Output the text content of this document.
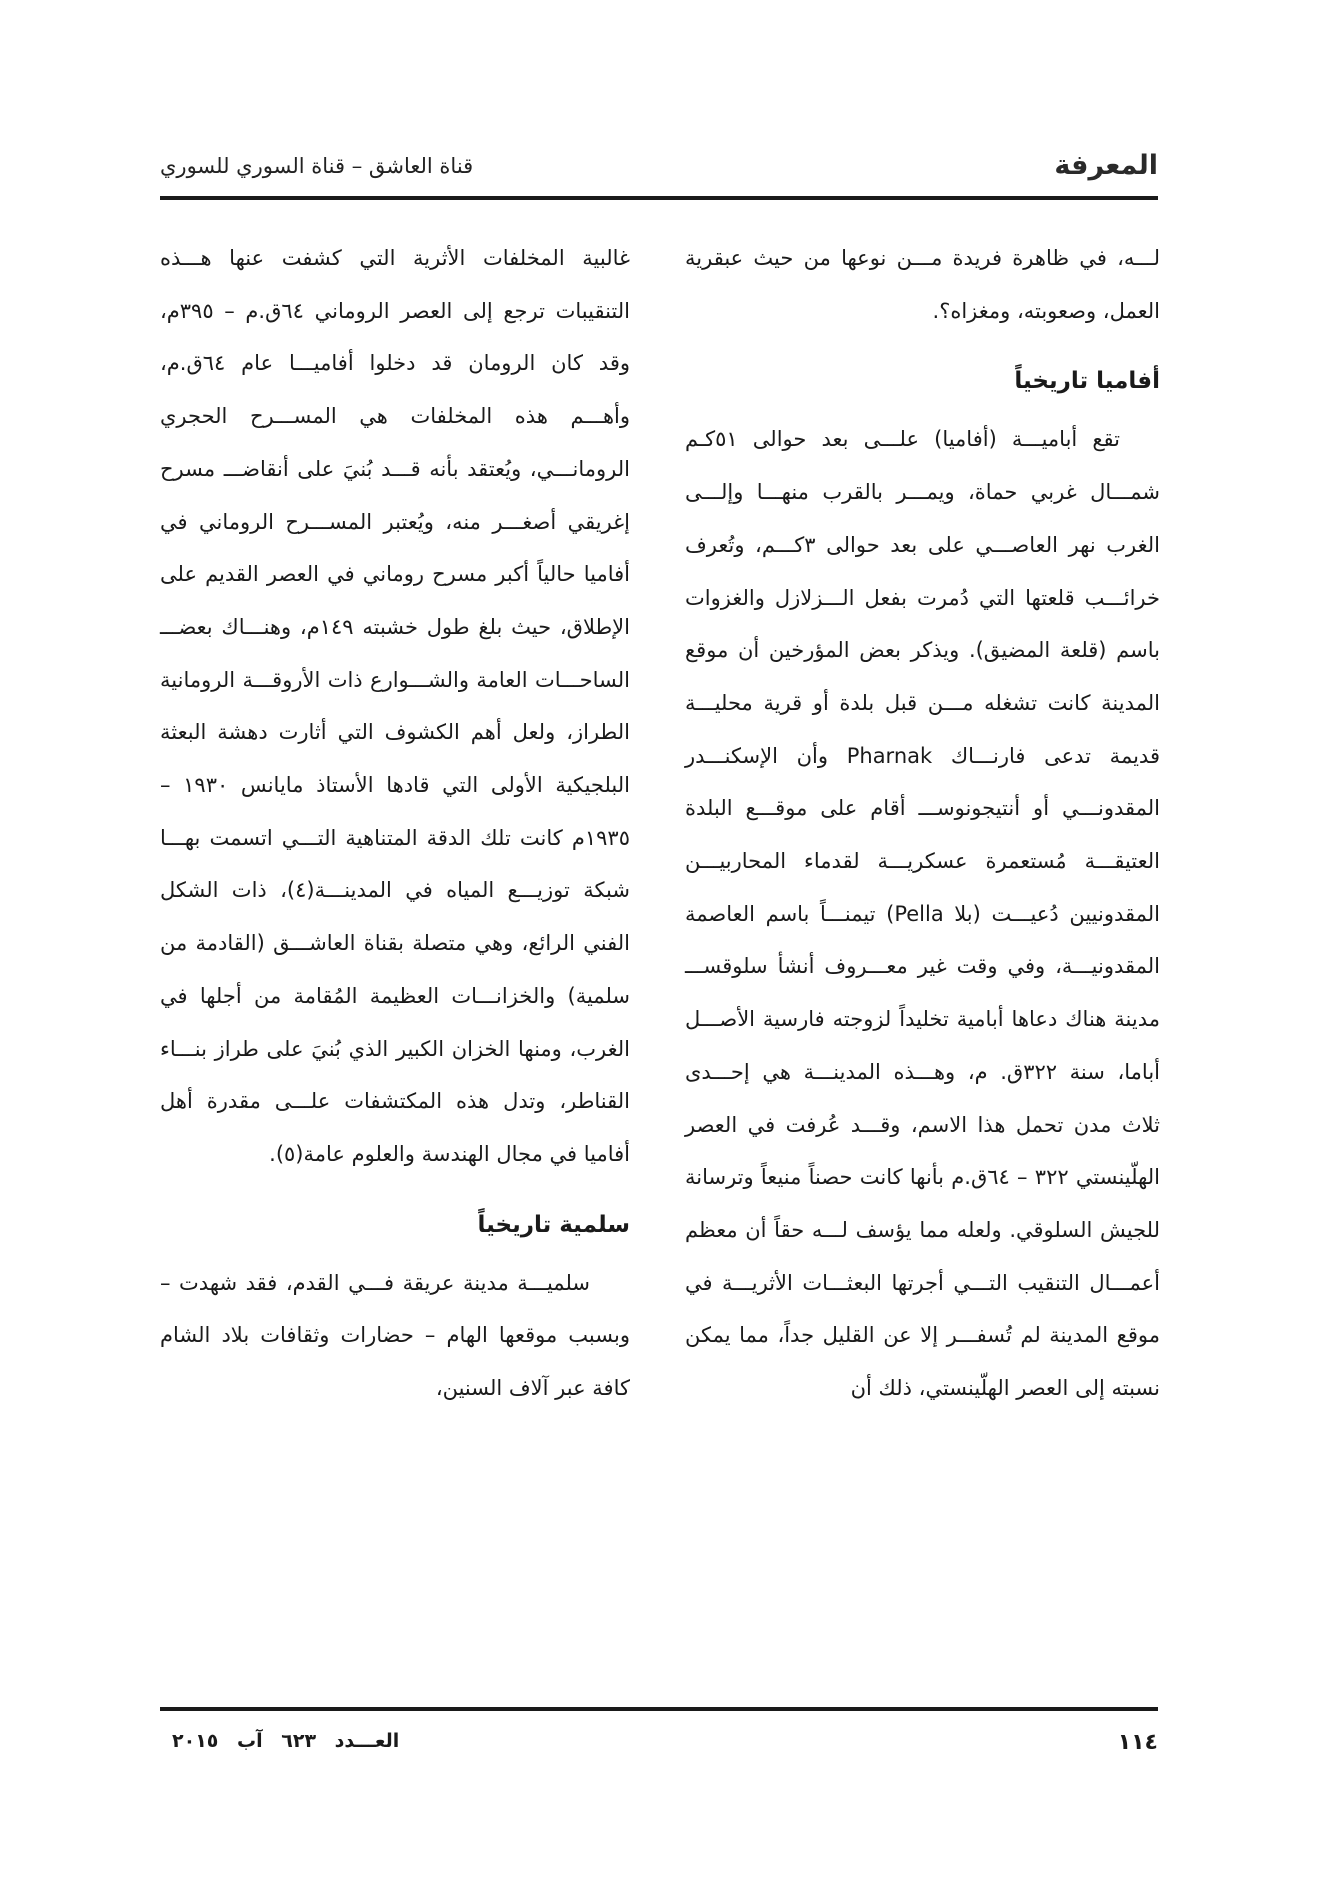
المعرفة
قناة العاشق – قناة السوري للسوري

لـــه، في ظاهرة فريدة مـــن نوعها من حيث عبقرية العمل، وصعوبته، ومغزاه؟.

أفاميا تاريخياً

تقع أباميـــة (أفاميا) علـــى بعد حوالى ٥١كـم شمـــال غربي حماة، ويمـــر بالقرب منهـــا وإلـــى الغرب نهر العاصـــي على بعد حوالى ٣كـــم، وتُعرف خرائـــب قلعتها التي دُمرت بفعل الـــزلازل والغزوات باسم (قلعة المضيق). ويذكر بعض المؤرخين أن موقع المدينة كانت تشغله مـــن قبل بلدة أو قرية محليـــة قديمة تدعى فارنـــاك Pharnak وأن الإسكنـــدر المقدونـــي أو أنتيجونوســـ أقام على موقـــع البلدة العتيقـــة مُستعمرة عسكريـــة لقدماء المحاربيـــن المقدونيين دُعيـــت (بلا Pella) تيمنـــاً باسم العاصمة المقدونيـــة، وفي وقت غير معـــروف أنشأ سلوقســـ مدينة هناك دعاها أبامية تخليداً لزوجته فارسية الأصـــل أباما، سنة ٣٢٢ق. م، وهـــذه المدينـــة هي إحـــدى ثلاث مدن تحمل هذا الاسم، وقـــد عُرفت في العصر الهلّينستي ٣٢٢ – ٦٤ق.م بأنها كانت حصناً منيعاً وترسانة للجيش السلوقي. ولعله مما يؤسف لـــه حقاً أن معظم أعمـــال التنقيب التـــي أجرتها البعثـــات الأثريـــة في موقع المدينة لم تُسفـــر إلا عن القليل جداً، مما يمكن نسبته إلى العصر الهلّينستي، ذلك أن

غالبية المخلفات الأثرية التي كشفت عنها هـــذه التنقيبات ترجع إلى العصر الروماني ٦٤ق.م – ٣٩٥م، وقد كان الرومان قد دخلوا أفاميـــا عام ٦٤ق.م، وأهـــم هذه المخلفات هي المســـرح الحجري الرومانـــي، ويُعتقد بأنه قـــد بُنيَ على أنقاضـــ مسرح إغريقي أصغـــر منه، ويُعتبر المســـرح الروماني في أفاميا حالياً أكبر مسرح روماني في العصر القديم على الإطلاق، حيث بلغ طول خشبته ١٤٩م، وهنـــاك بعضـــ الساحـــات العامة والشـــوارع ذات الأروقـــة الرومانية الطراز، ولعل أهم الكشوف التي أثارت دهشة البعثة البلجيكية الأولى التي قادها الأستاذ مايانس ١٩٣٠ – ١٩٣٥م كانت تلك الدقة المتناهية التـــي اتسمت بهـــا شبكة توزيـــع المياه في المدينـــة(٤)، ذات الشكل الفني الرائع، وهي متصلة بقناة العاشـــق (القادمة من سلمية) والخزانـــات العظيمة المُقامة من أجلها في الغرب، ومنها الخزان الكبير الذي بُنيَ على طراز بنـــاء القناطر، وتدل هذه المكتشفات علـــى مقدرة أهل أفاميا في مجال الهندسة والعلوم عامة(٥).

سلمية تاريخياً

سلميـــة مدينة عريقة فـــي القدم، فقد شهدت – وبسبب موقعها الهام – حضارات وثقافات بلاد الشام كافة عبر آلاف السنين،

١١٤
العـــدد ٦٢٣ آب ٢٠١٥
